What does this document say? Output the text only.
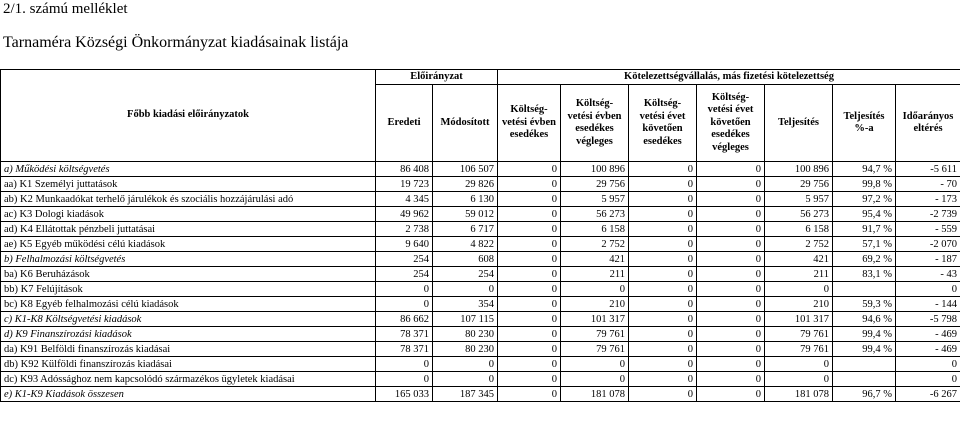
2/1. számú melléklet
Tarnaméra Községi Önkormányzat kiadásainak listája
Főbb kiadási előirányzatok	Előirányzat		Kötelezettségvállalás, más fizetési kötelezettség						
	Eredeti	Módosított	Költség-vetési évben esedékes	Költség-vetési évben esedékes végleges	Költség-vetési évet követően esedékes	Költség-vetési évet követően esedékes végleges	Teljesítés	Teljesítés %-a	Időarányos eltérés
a) Működési költségvetés	86 408	106 507	0	100 896	0	0	100 896	94,7 %	-5 611
aa) K1 Személyi juttatások	19 723	29 826	0	29 756	0	0	29 756	99,8 %	- 70
ab) K2 Munkaadókat terhelő járulékok és szociális hozzájárulási adó	4 345	6 130	0	5 957	0	0	5 957	97,2 %	- 173
ac) K3 Dologi kiadások	49 962	59 012	0	56 273	0	0	56 273	95,4 %	-2 739
ad) K4 Ellátottak pénzbeli juttatásai	2 738	6 717	0	6 158	0	0	6 158	91,7 %	- 559
ae) K5 Egyéb működési célú kiadások	9 640	4 822	0	2 752	0	0	2 752	57,1 %	-2 070
b) Felhalmozási költségvetés	254	608	0	421	0	0	421	69,2 %	- 187
ba) K6 Beruházások	254	254	0	211	0	0	211	83,1 %	- 43
bb) K7 Felújítások	0	0	0	0	0	0	0		0
bc) K8 Egyéb felhalmozási célú kiadások	0	354	0	210	0	0	210	59,3 %	- 144
c) K1-K8 Költségvetési kiadások	86 662	107 115	0	101 317	0	0	101 317	94,6 %	-5 798
d) K9 Finanszírozási kiadások	78 371	80 230	0	79 761	0	0	79 761	99,4 %	- 469
da) K91 Belföldi finanszírozás kiadásai	78 371	80 230	0	79 761	0	0	79 761	99,4 %	- 469
db) K92 Külföldi finanszírozás kiadásai	0	0	0	0	0	0	0		0
dc) K93 Adóssághoz nem kapcsolódó származékos ügyletek kiadásai	0	0	0	0	0	0	0		0
e) K1-K9 Kiadások összesen	165 033	187 345	0	181 078	0	0	181 078	96,7 %	-6 267
